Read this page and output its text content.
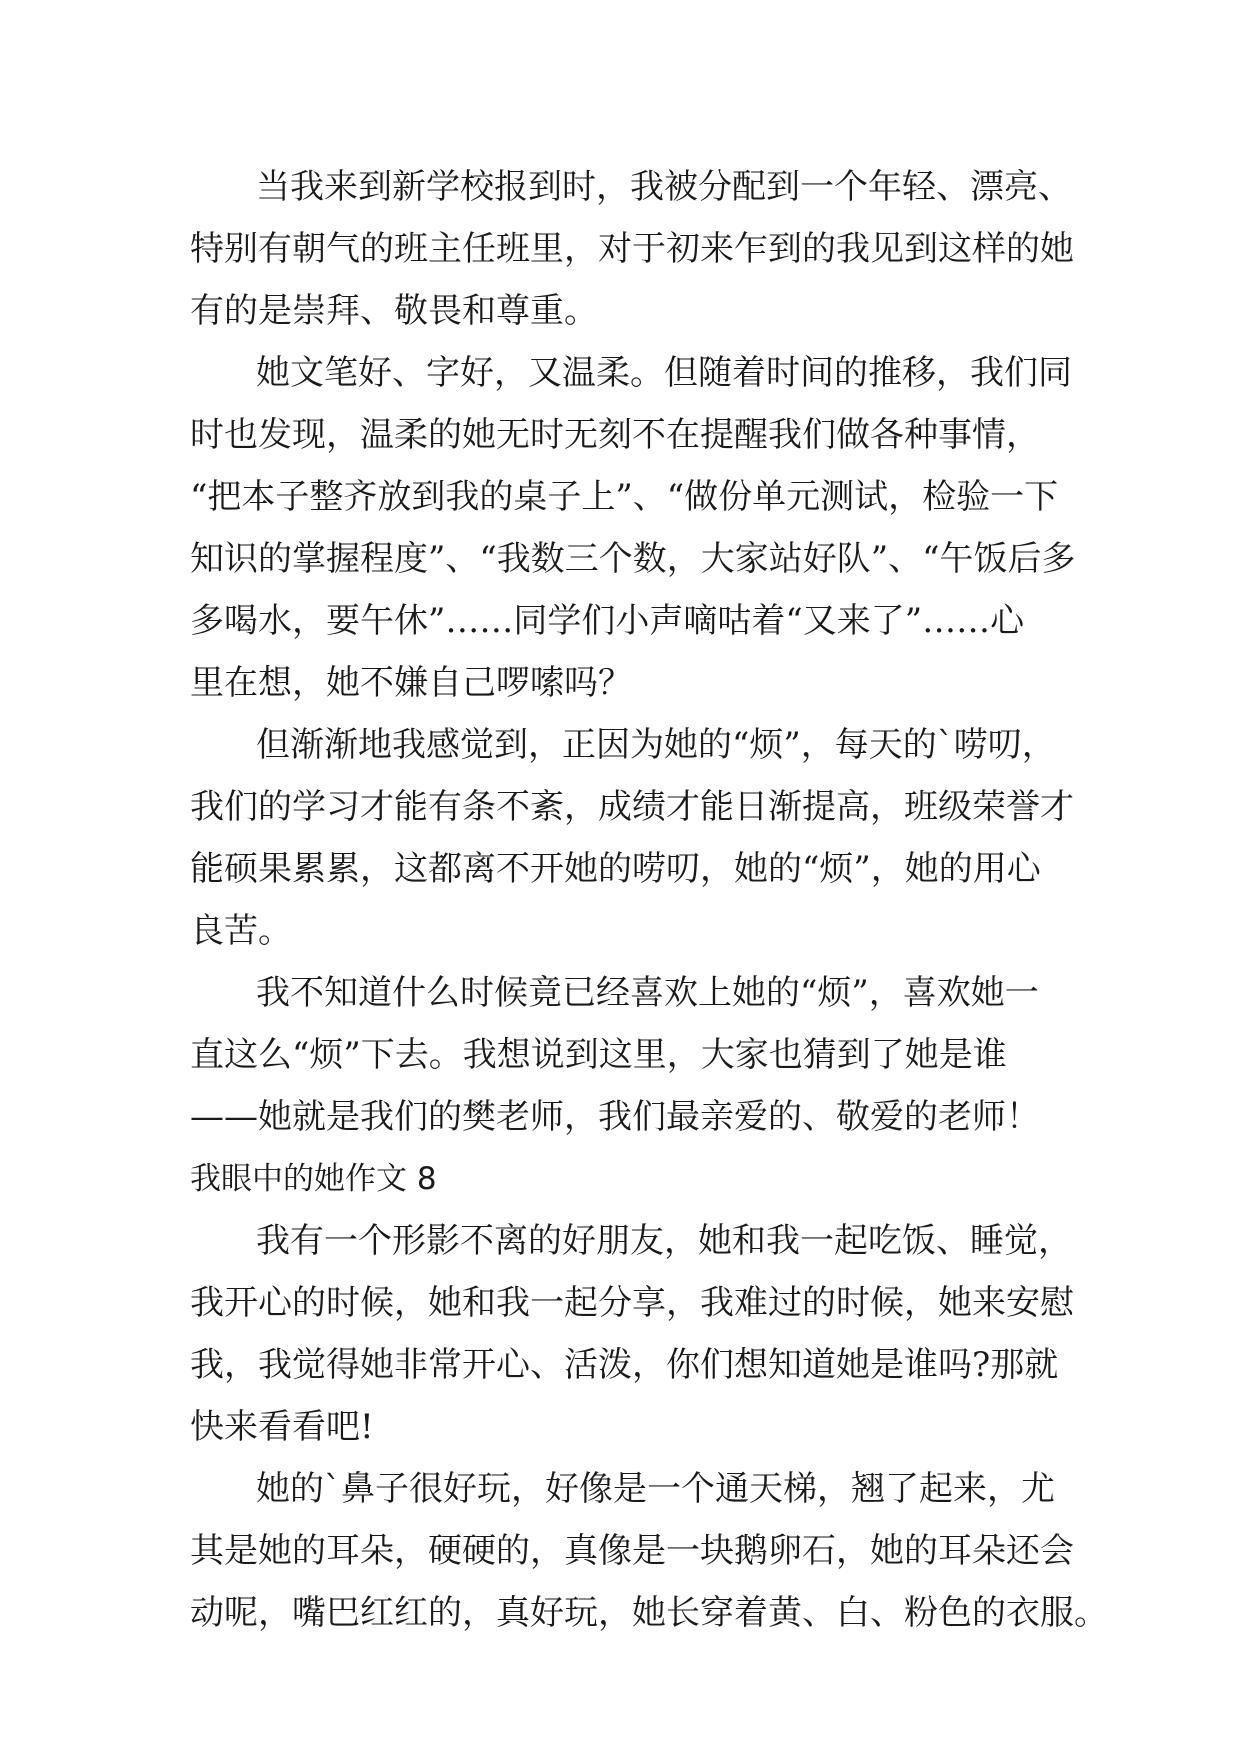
当我来到新学校报到时，我被分配到一个年轻、漂亮、
特别有朝气的班主任班里，对于初来乍到的我见到这样的她
有的是崇拜、敬畏和尊重。
她文笔好、字好，又温柔。但随着时间的推移，我们同
时也发现，温柔的她无时无刻不在提醒我们做各种事情，
“把本子整齐放到我的桌子上”、“做份单元测试，检验一下
知识的掌握程度”、“我数三个数，大家站好队”、“午饭后多
多喝水，要午休”……同学们小声嘀咕着“又来了”……心
里在想，她不嫌自己啰嗦吗？
但渐渐地我感觉到，正因为她的“烦”，每天的`唠叨，
我们的学习才能有条不紊，成绩才能日渐提高，班级荣誉才
能硕果累累，这都离不开她的唠叨，她的“烦”，她的用心
良苦。
我不知道什么时候竟已经喜欢上她的“烦”，喜欢她一
直这么“烦”下去。我想说到这里，大家也猜到了她是谁
——她就是我们的樊老师，我们最亲爱的、敬爱的老师！
我眼中的她作文 8
我有一个形影不离的好朋友，她和我一起吃饭、睡觉，
我开心的时候，她和我一起分享，我难过的时候，她来安慰
我，我觉得她非常开心、活泼，你们想知道她是谁吗?那就
快来看看吧!
她的`鼻子很好玩，好像是一个通天梯，翘了起来，尤
其是她的耳朵，硬硬的，真像是一块鹅卵石，她的耳朵还会
动呢，嘴巴红红的，真好玩，她长穿着黄、白、粉色的衣服。
